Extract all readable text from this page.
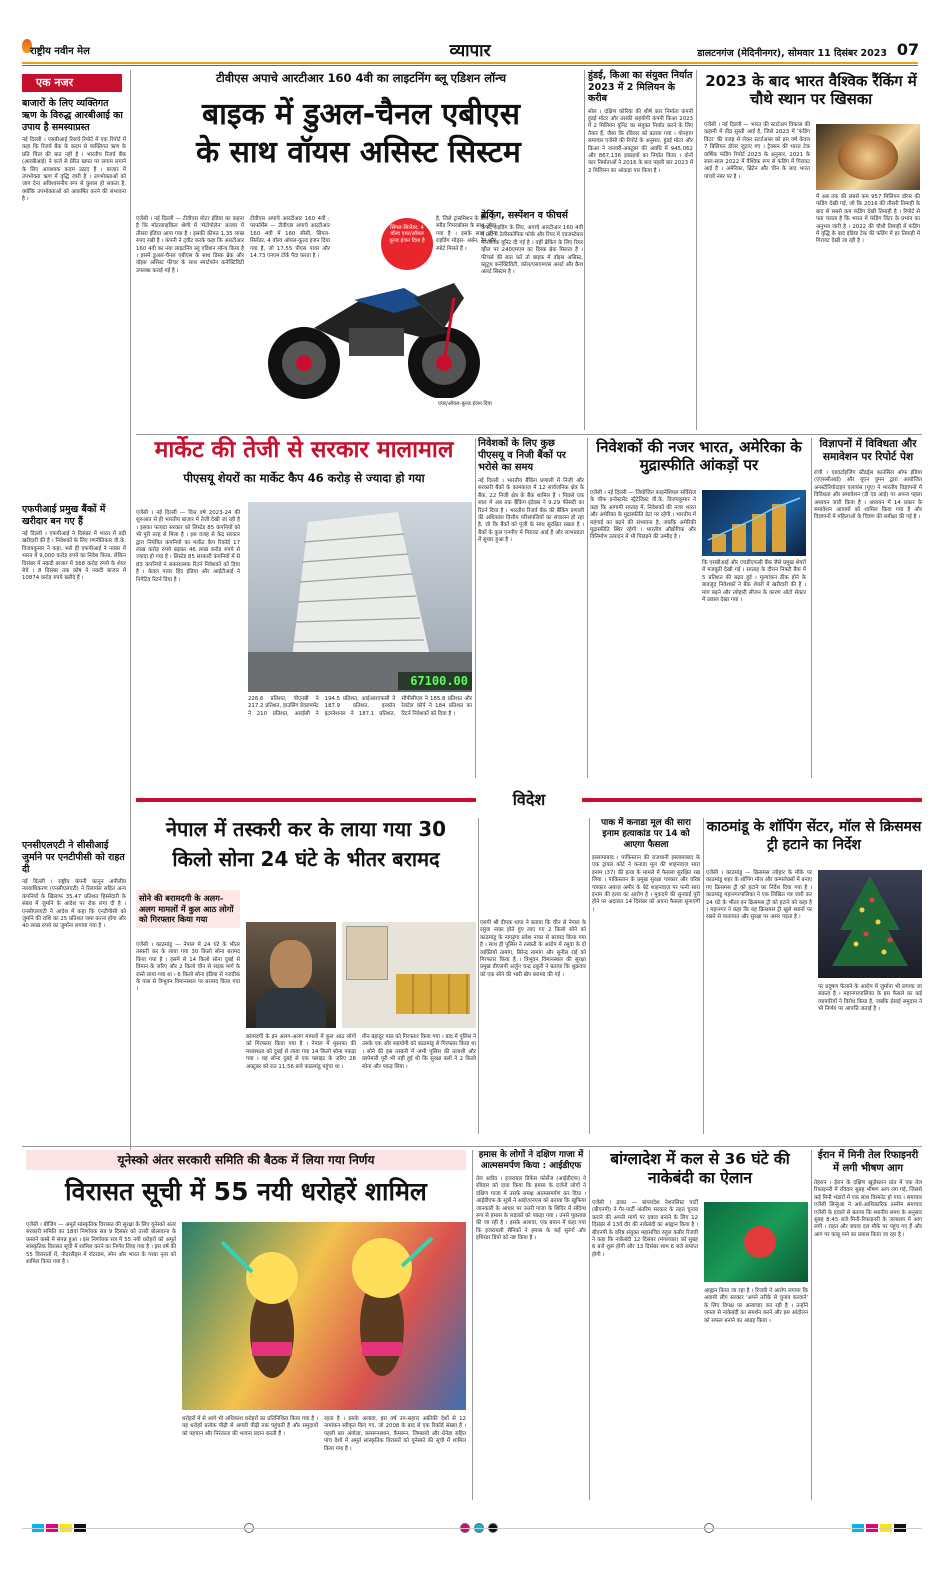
राष्ट्रीय नवीन मेल	व्यापार	डालटनगंज (मेदिनीनगर), सोमवार 11 दिसंबर 2023 07
एक नजर
बाजारों के लिए व्यक्तिगत ऋण के विरुद्ध आरबीआई का उपाय है समस्याप्रस्त
नई दिल्ली । एसबीआई रिसर्च रिपोर्ट में एक रिपोर्ट में कहा कि रिजर्व बैंक के कदम से व्यक्तिगत ऋण के प्रति चिंता की बात नहीं है । भारतीय रिजर्व बैंक (आरबीआई) ने कर्ज से प्रेरित खपत पर लगाम लगाने के लिए आवश्यक कदम उठाए हैं । बाजार में उपभोक्ता ऋण में वृद्धि जारी है । उपभोक्ताओं को जाग देना अविश्वसनीय रूप से कुशल हो सकता है, क्योंकि उपभोक्ताओं को आकर्षित करने की संभावना है ।
एफपीआई प्रमुख बैंकों में खरीदार बन गए हैं
नई दिल्ली । एफपीआई ने दिसंबर में भारत में बड़ी खरीदारी की है । निवेशकों के लिए रणनीतिकार वी.के. विजयकुमार ने कहा, भले ही एफपीआई ने नवंबर में भारत में 9,000 करोड़ रुपये का निवेश किया, लेकिन दिसंबर में नकदी बाजार में 368 करोड़ रुपये के शेयर बेचे । 8 दिसंबर तक कोष ने नकदी बाजार में 10874 करोड़ रुपये खरीदे हैं ।
एनसीएलएटी ने सीसीआई जुर्माने पर एनटीपीसी को राहत दी
नई दिल्ली । राष्ट्रीय कंपनी कानून अपीलीय न्यायाधिकरण (एनसीएलएटी) ने रिलायंस सहित अन्य कंपनियों के खिलाफ 35.47 प्रतिशत हिस्सेदारी के संबंध में जुर्माने के आदेश पर रोक लगा दी है । एनसीएलएटी ने आदेश में कहा कि एनटीपीसी को जुर्माने की राशि का 25 प्रतिशत जमा करना होगा और 40 लाख रुपये का जुर्माना लगाया गया है ।
टीवीएस अपाचे आरटीआर 160 4वी का लाइटनिंग ब्लू एडिशन लॉन्च
बाइक में डुअल-चैनल एबीएस
के साथ वॉयस असिस्ट सिस्टम
एजेंसी । नई दिल्ली — टीवीएस मोटर इंडिया का कहना है कि मोटरसाइकिल श्रेणी में 'मेटोपोलेन' बाजार में तीसरा इंडिया आया गया है । इसकी कीमत 1,35 लाख रुपए रखी है । कंपनी ने ट्वीट करके कहा कि आरटीआर 160 4वी का नया लाइटनिंग ब्लू एडिशन लॉन्च किया है । इसमें डुअल-चैनल एबीएस के साथ डिस्क ब्रेक और वॉइस असिस्ट फीचर के साथ स्मार्टफोन कनेक्टिविटी उपलब्ध कराई गई है ।
टीवीएस अपाचे आरटीआर 160 4वी : परफॉर्मेंस — टीवीएस अपाचे आरटीआर 160 4वी में 160 सीसी, सिंगल-सिलेंडर, 4 वॉल्व ऑयल-कूल्ड इंजन दिया गया है, जो 17.55 पीएस पावर और 14.73 एनएम टॉर्क पैदा करता है ।
है, जिसे ट्रांसमिशन के लिए 5-स्पीड गियरबॉक्स के साथ जोड़ा गया है । इसके साथ तीन राइडिंग मोड्स- अर्बन, रेन और स्पोर्ट मिलते हैं ।
सिंगल-सिलेंडर, 4 वॉल्व एयर/ऑयल कूल्ड इंजन दिया है
एयर/ऑयल-कूल्ड इंजन दिया
हुंडई, किआ का संयुक्त निर्यात 2023 में 2 मिलियन के करीब
सोल । दक्षिण कोरिया की शीर्ष कार निर्माता कंपनी हुंडई मोटर और उसकी सहयोगी कंपनी किआ 2023 में 2 मिलियन यूनिट का संयुक्त निर्यात करने के लिए तैयार हैं, जैसा कि रविवार को बताया गया । योनहाप समाचार एजेंसी की रिपोर्ट के अनुसार, हुंडई मोटर और किआ ने जनवरी-अक्टूबर की अवधि में 945,062 और 867,136 इकाइयों का निर्यात किया । दोनों कार निर्माताओं ने 2016 के बाद पहली बार 2023 में 2 मिलियन का आंकड़ा पार किया है ।
ब्रेकिंग, सस्पेंशन व फीचर्स
कंफर्ट राइडिंग के लिए, अपाचे आरटीआर 160 4वी में फ्रंट में टेलीस्कोपिक फोर्क और रियर में एडजस्टेबल मोनोशॉक यूनिट दी गई है । वहीं ब्रेकिंग के लिए रियर व्हील पर 240एमएम का डिस्क ब्रेक मिलता है । फीचर्स की बात करें तो बाइक में वॉइस असिस्ट, ब्लूटूथ कनेक्टिविटी, कॉल/एसएमएस अलर्ट और क्रैश अलर्ट सिस्टम है ।
2023 के बाद भारत वैश्विक रैंकिंग में चौथे स्थान पर खिसका
एजेंसी । नई दिल्ली — भारत की स्टार्टअप विकास की कहानी में तीव्र सुस्ती आई है, जिसे 2023 में 'फंडिंग विंटर' की वजह से लेकर स्टार्टअप्स को इस वर्ष केवल 7 बिलियन डॉलर जुटाए गए । ट्रैक्सन की भारत टेक वार्षिक फंडिंग रिपोर्ट 2023 के अनुसार, 2021 के साल-साल 2022 में वैश्विक रूप से फंडिंग में गिरावट आई है । अमेरिका, ब्रिटेन और चीन के बाद भारत पांचवें नंबर पर है ।
में अब तक की सबसे कम 957 मिलियन डॉलर की फंडिंग देखी गई, जो कि 2016 की तीसरी तिमाही के बाद से सबसे कम फंडिंग देखी तिमाही है । रिपोर्ट से पता चलता है कि भारत में फंडिंग विंटर के प्रभाव का अनुभव जारी है । 2022 की चौथी तिमाही में फंडिंग में वृद्धि के बाद इंडिया टेक की फंडिंग में हर तिमाही में गिरावट देखी जा रही है ।
मार्केट की तेजी से सरकार मालामाल
पीएसयू शेयरों का मार्केट कैप 46 करोड़ से ज्यादा हो गया
एजेंसी । नई दिल्ली — वित्त वर्ष 2023-24 की शुरुआत से ही भारतीय बाजार में तेजी देखी जा रही है । इसका फायदा सरकार को लिस्टेड 85 कंपनियों को भी पूरी तरह से मिला है । इस वजह से केंद्र सरकार द्वारा नियंत्रित कंपनियों का मार्केट कैप रिकॉर्ड 17 लाख करोड़ रुपये बढ़कर 46 लाख करोड़ रुपये से ज्यादा हो गया है । लिस्टेड 85 सरकारी कंपनियों में से 83 कंपनियों ने सकारात्मक रिटर्न निवेशकों को दिया है । केवल पावर हिंद इंडिया और आईटीआई ने निगेटिव रिटर्न दिया है ।
67100.00
226.6 प्रतिशत, पीएनबी ने 217.2 प्रतिशत, हाउसिंग डेवलपमेंट ने 210 प्रतिशत, आरईसी ने 194.5 प्रतिशत, आईआरएफसी ने 187.9 प्रतिशत, इरकॉन इंटरनेशनल ने 187.1 प्रतिशत, सीपीसीएल ने 185.8 प्रतिशत और रेलटेल कॉर्प ने 184 प्रतिशत का रिटर्न निवेशकों को दिया है ।
निवेशकों के लिए कुछ पीएसयू व निजी बैंकों पर भरोसे का समय
नई दिल्ली । भारतीय बैंकिंग प्रणाली में निजी और सरकारी बैंकों के कामकाज में 12 सार्वजनिक क्षेत्र के बैंक, 22 निजी क्षेत्र के बैंक शामिल हैं । पिछले एक साल में अब तक बैंकिंग इंडेक्स ने 9.29 फीसदी का रिटर्न दिया है । भारतीय रिजर्व बैंक की बैंकिंग प्रणाली की अधिकांश वित्तीय परिसंपत्तियों का संचालन हो रहा है, जो कि बैंकों को पूंजी के साथ सुरक्षित रखता है । बैंकों के कुल एनपीए में गिरावट आई है और लाभप्रदता में सुधार हुआ है ।
निवेशकों की नजर भारत, अमेरिका के मुद्रास्फीति आंकड़ों पर
एजेंसी । नई दिल्ली — जियोजित फाइनेंशियल सर्विसेज के चीफ इन्वेस्टमेंट स्ट्रैटेजिस्ट वी.के. विजयकुमार ने कहा कि आगामी सप्ताह में, निवेशकों की नजर भारत और अमेरिका के मुद्रास्फीति डेटा पर रहेगी । भारतीय में महंगाई का बढ़ने की संभावना है, जबकि अमेरिकी मुद्रास्फीति स्थिर रहेगी । भारतीय औद्योगिक और विनिर्माण उत्पादन में भी पिछड़ने की उम्मीद है ।
कि एसबीआई और एचडीएफसी बैंक जैसे प्रमुख शेयरों में मजबूती देखी गई । सप्ताह के दौरान निफ्टी बैंक में 5 प्रतिशत की बढ़त हुई । मूल्यांकन ठीक होने के बावजूद निवेशकों ने बैंक शेयरों में खरीदारी की है । मांग बढ़ने और त्योहारी सीजन के कारण ऑटो सेक्टर में उछाल देखा गया ।
विज्ञापनों में विविधता और समावेशन पर रिपोर्ट पेश
रांची । एडवर्टाइजिंग स्टैंडर्ड्स काउंसिल ऑफ इंडिया (एएससीआई) और यूएन वुमन द्वारा आयोजित अनस्टीरियोटाइप एलायंस (यूए) ने भारतीय विज्ञापनों में विविधता और समावेशन (डी एंड आई) पर अपना पहला अध्ययन जारी किया है । अध्ययन में 14 प्रकार के समावेशन आयामों को शामिल किया गया है और विज्ञापनों में महिलाओं के चित्रण की समीक्षा की गई है ।
विदेश
नेपाल में तस्करी कर के लाया गया 30
किलो सोना 24 घंटे के भीतर बरामद
सोने की बरामदगी के अलग-अलग मामलों में कुल आठ लोगों को गिरफ्तार किया गया
एजेंसी । काठमांडू — नेपाल में 24 घंटे के भीतर तस्करी कर के लाया गया 30 किलो सोना बरामद किया गया है । इसमें से 14 किलो सोना दुबई से विमान के जरिए और 2 किलो चीन से सड़क मार्ग के रास्ते लाया गया था । 6 किलो सोना इंडिया से नजदीक के पास से त्रिभुवन विमानस्थल पर बरामद किया गया ।
बरामदगी के इन अलग-अलग मामलों में कुल आठ लोगों को गिरफ्तार किया गया है । नेपाल में मुस्तफा की मध्यस्थता को दुबई से लाया गया 14 किलो सोना पकड़ा गया । यह सोना दुबई से एक फ्लाइट के जरिए 28 अक्टूबर को रात 11:56 बजे काठमांडू पहुंचा था ।
मीन बहादुर पाल को गिरफ्तार किया गया । बाद में पुलिस ने उसके एक और सहयोगी को काठमांडू से गिरफ्तार किया था । सोने की इस तस्करी में अभी पुलिस की तलाशी और छापेमारी पूरी भी नहीं हुई थी कि सुरक्षा बलों ने 2 किलो सोना और पकड़ लिया ।
एसपी श्री दीपक थापा ने बताया कि चीन से नेपाल के रसुवा नाका होते हुए लाए गए 2 किलो सोने को काठमांडू के नागढ़ुंगा प्रवेश नाका से बरामद किया गया है । साथ ही पुलिस ने तस्करी के आरोप में रसुवा के दो व्यक्तियों तामांग, बिरेन्द्र तामांग और सुनील राई को गिरफ्तार किया है । त्रिभुवन विमानस्थल की सुरक्षा प्रमुख डीएसपी अर्जुन चन्द्र ठकुरी ने बताया कि शुक्रवार को एक सोने की भारी खेप बरामद की गई ।
पाक में कनाडा मूल की सारा इनाम हत्याकांड पर 14 को आएगा फैसला
इस्लामाबाद । पाकिस्तान की राजधानी इस्लामाबाद के एक ट्रायल कोर्ट ने कनाडा मूल की शाहनवाज़ सारा इनाम (37) की हत्या के मामले में फैसला सुरक्षित रख लिया । पाकिस्तान के प्रमुख सुरक्षा पत्रकार और वरिष्ठ पत्रकार अयाज़ अमीर के बेटे शाहनवाज़ पर पत्नी सारा इनाम की हत्या का आरोप है । मुकदमे की सुनवाई पूरी होने पर अदालत 14 दिसंबर को अपना फैसला सुनाएगी ।
काठमांडू के शॉपिंग सेंटर, मॉल से क्रिसमस ट्री हटाने का निर्देश
एजेंसी । काठमांडू — क्रिसमस त्योहार के मौके पर काठमांडू शहर के शॉपिंग मॉल और कम्पलेक्सों में बनाए गए क्रिसमस ट्री को हटाने का निर्देश दिया गया है । काठमांडू महानगरपालिका ने एक लिखित पत्र जारी कर 24 घंटे के भीतर इन क्रिसमस ट्री को हटाने को कहा है । महानगर ने कहा कि यह क्रिसमस ट्री खुले स्थानों पर रखने से यातायात और सुरक्षा पर असर पड़ता है ।
पर प्रदूषण फैलाने के आरोप में जुर्माना भी लगाया जा सकता है । महानगरपालिका के इस फैसले का कई व्यापारियों ने विरोध किया है, जबकि ईसाई समुदाय ने भी निर्णय पर आपत्ति जताई है ।
यूनेस्को अंतर सरकारी समिति की बैठक में लिया गया निर्णय
विरासत सूची में 55 नयी धरोहरें शामिल
एजेंसी । बीजिंग — अमूर्त सांस्कृतिक विरासत की सुरक्षा के लिए यूनेस्को अंतर सरकारी समिति का 18वां निर्णायक सत्र 9 दिसंबर को उत्तरी बोत्सवाना के कसाने कस्बे में संपन्न हुआ । इस निर्णायक सत्र में 55 नयी धरोहरों को अमूर्त सांस्कृतिक विरासत सूची में शामिल करने का निर्णय लिया गया है । इस वर्ष की 55 विरासतों में, नीदरलैंड्स में रॉटरडम, स्पेन और भारत के गरबा नृत्य को शामिल किया गया है ।
धरोहरों में से आगे भी अधिकांश धरोहरों का प्रतिनिधित्व किया गया है । यह धरोहरें प्रत्येक पीढ़ी से अगली पीढ़ी तक पहुंचती हैं और समुदायों को पहचान और निरंतरता की भावना प्रदान करती हैं ।
रहता है । इसके अलावा, इस वर्ष उप-सहारा अफ्रीकी देशों से 12 नामांकन स्वीकृत किए गए, जो 2008 के बाद से एक रिकॉर्ड संख्या है । पहली बार अंगोला, कमरूनस्थान, कैमरून, जिम्बाब्वे और ग्रेनेडा सहित पांच देशों में अमूर्त सांस्कृतिक विरासतें को यूनेस्को की सूची में शामिल किया गया है ।
हमास के लोगों ने दक्षिण गाजा में आत्मसमर्पण किया : आईडीएफ
तेल अवीव । इजरायल डिफेंस फोर्सेज (आईडीएफ) ने रविवार को दावा किया कि हमास के दर्जनों लोगों ने दक्षिण गाजा में उसके समक्ष आत्मसमर्पण कर दिया । आईडीएफ के सूत्रों ने आईएएनएस को बताया कि खुफिया जानकारी के आधार पर उत्तरी गाजा के शिविर में संदिग्ध रूप से हमास के लड़ाकों को पकड़ा गया । उनसे पूछताछ की जा रही है । इसके अलावा, एक बयान में कहा गया कि इजरायली सैनिकों ने हमास के कई सुरंगों और हथियार डिपो को नष्ट किया है ।
बांग्लादेश में कल से 36 घंटे की नाकेबंदी का ऐलान
एजेंसी । ढाका — बांग्लादेश नेशनलिस्ट पार्टी (बीएनपी) ने गैर-पार्टी अंतरिम सरकार के तहत चुनाव कराने की अपनी मांगों पर दबाव बनाने के लिए 12 दिसंबर से 13वें दौर की नाकेबंदी का आह्वान किया है । बीएनपी के वरिष्ठ संयुक्त महासचिव रुहुल कबीर रिजवी ने कहा कि नाकेबंदी 12 दिसंबर (मंगलवार) को सुबह 6 बजे शुरू होगी और 13 दिसंबर शाम 6 बजे समाप्त होगी ।
आह्वान किया जा रहा है । रिजवी ने आरोप लगाया कि अवामी लीग सरकार 'अपने तरीके से चुनाव करवाने' के लिए विपक्ष पर अत्याचार कर रही है । उन्होंने जनता से नाकेबंदी का समर्थन करने और इस आंदोलन को सफल बनाने का आग्रह किया ।
ईरान में मिनी तेल रिफाइनरी में लगी भीषण आग
तेहरान । ईरान के दक्षिण खुज़ेस्तान प्रांत में एक तेल रिफाइनरी में रविवार सुबह भीषण आग लग गई, जिससे कई मिनी भंडारों में एक साथ विस्फोट हो गया । समाचार एजेंसी सिन्हुआ ने अर्ध-आधिकारिक तस्नीम समाचार एजेंसी के हवाले से बताया कि स्थानीय समय के अनुसार सुबह 8:45 बजे मिनी-रिफाइनरी के जलाशय में आग लगी । राहत और बचाव दल मौके पर पहुंच गए हैं और आग पर काबू पाने का प्रयास किया जा रहा है ।
